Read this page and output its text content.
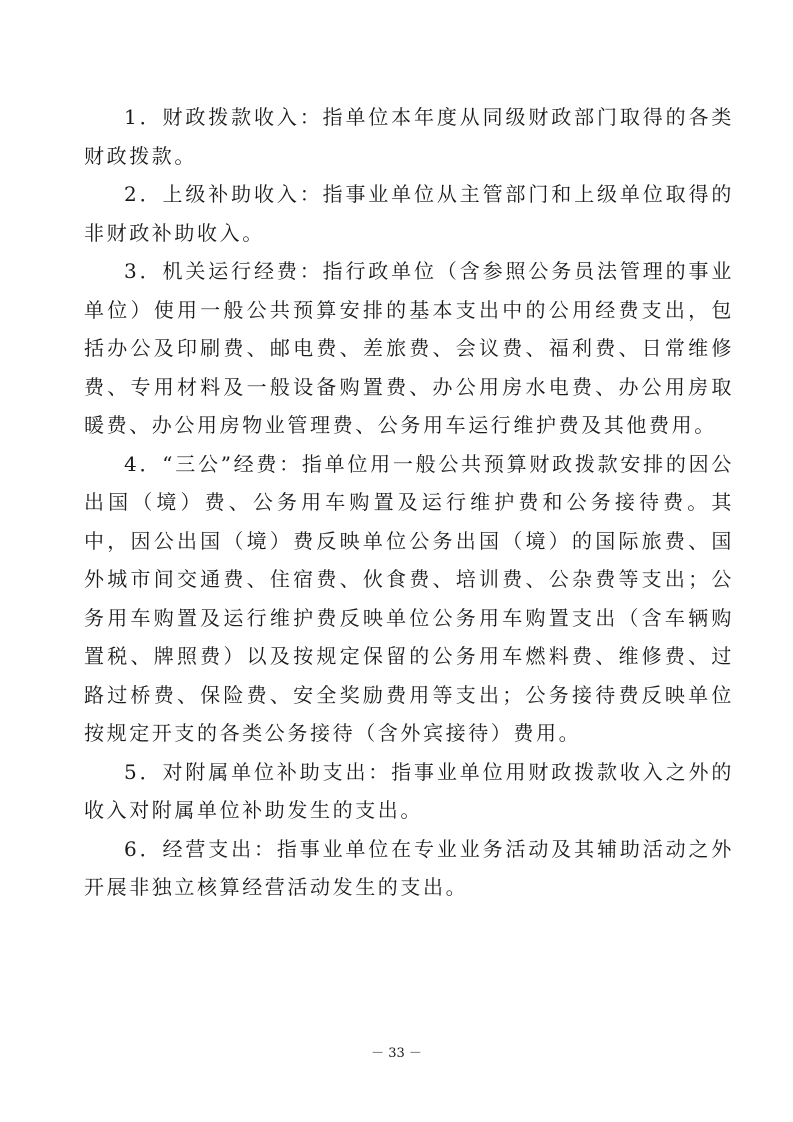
1．财政拨款收入：指单位本年度从同级财政部门取得的各类财政拨款。

2．上级补助收入：指事业单位从主管部门和上级单位取得的非财政补助收入。

3．机关运行经费：指行政单位（含参照公务员法管理的事业单位）使用一般公共预算安排的基本支出中的公用经费支出，包括办公及印刷费、邮电费、差旅费、会议费、福利费、日常维修费、专用材料及一般设备购置费、办公用房水电费、办公用房取暖费、办公用房物业管理费、公务用车运行维护费及其他费用。

4．“三公”经费：指单位用一般公共预算财政拨款安排的因公出国（境）费、公务用车购置及运行维护费和公务接待费。其中，因公出国（境）费反映单位公务出国（境）的国际旅费、国外城市间交通费、住宿费、伙食费、培训费、公杂费等支出；公务用车购置及运行维护费反映单位公务用车购置支出（含车辆购置税、牌照费）以及按规定保留的公务用车燃料费、维修费、过路过桥费、保险费、安全奖励费用等支出；公务接待费反映单位按规定开支的各类公务接待（含外宾接待）费用。

5．对附属单位补助支出：指事业单位用财政拨款收入之外的收入对附属单位补助发生的支出。

6．经营支出：指事业单位在专业业务活动及其辅助活动之外开展非独立核算经营活动发生的支出。

－ 33 －
